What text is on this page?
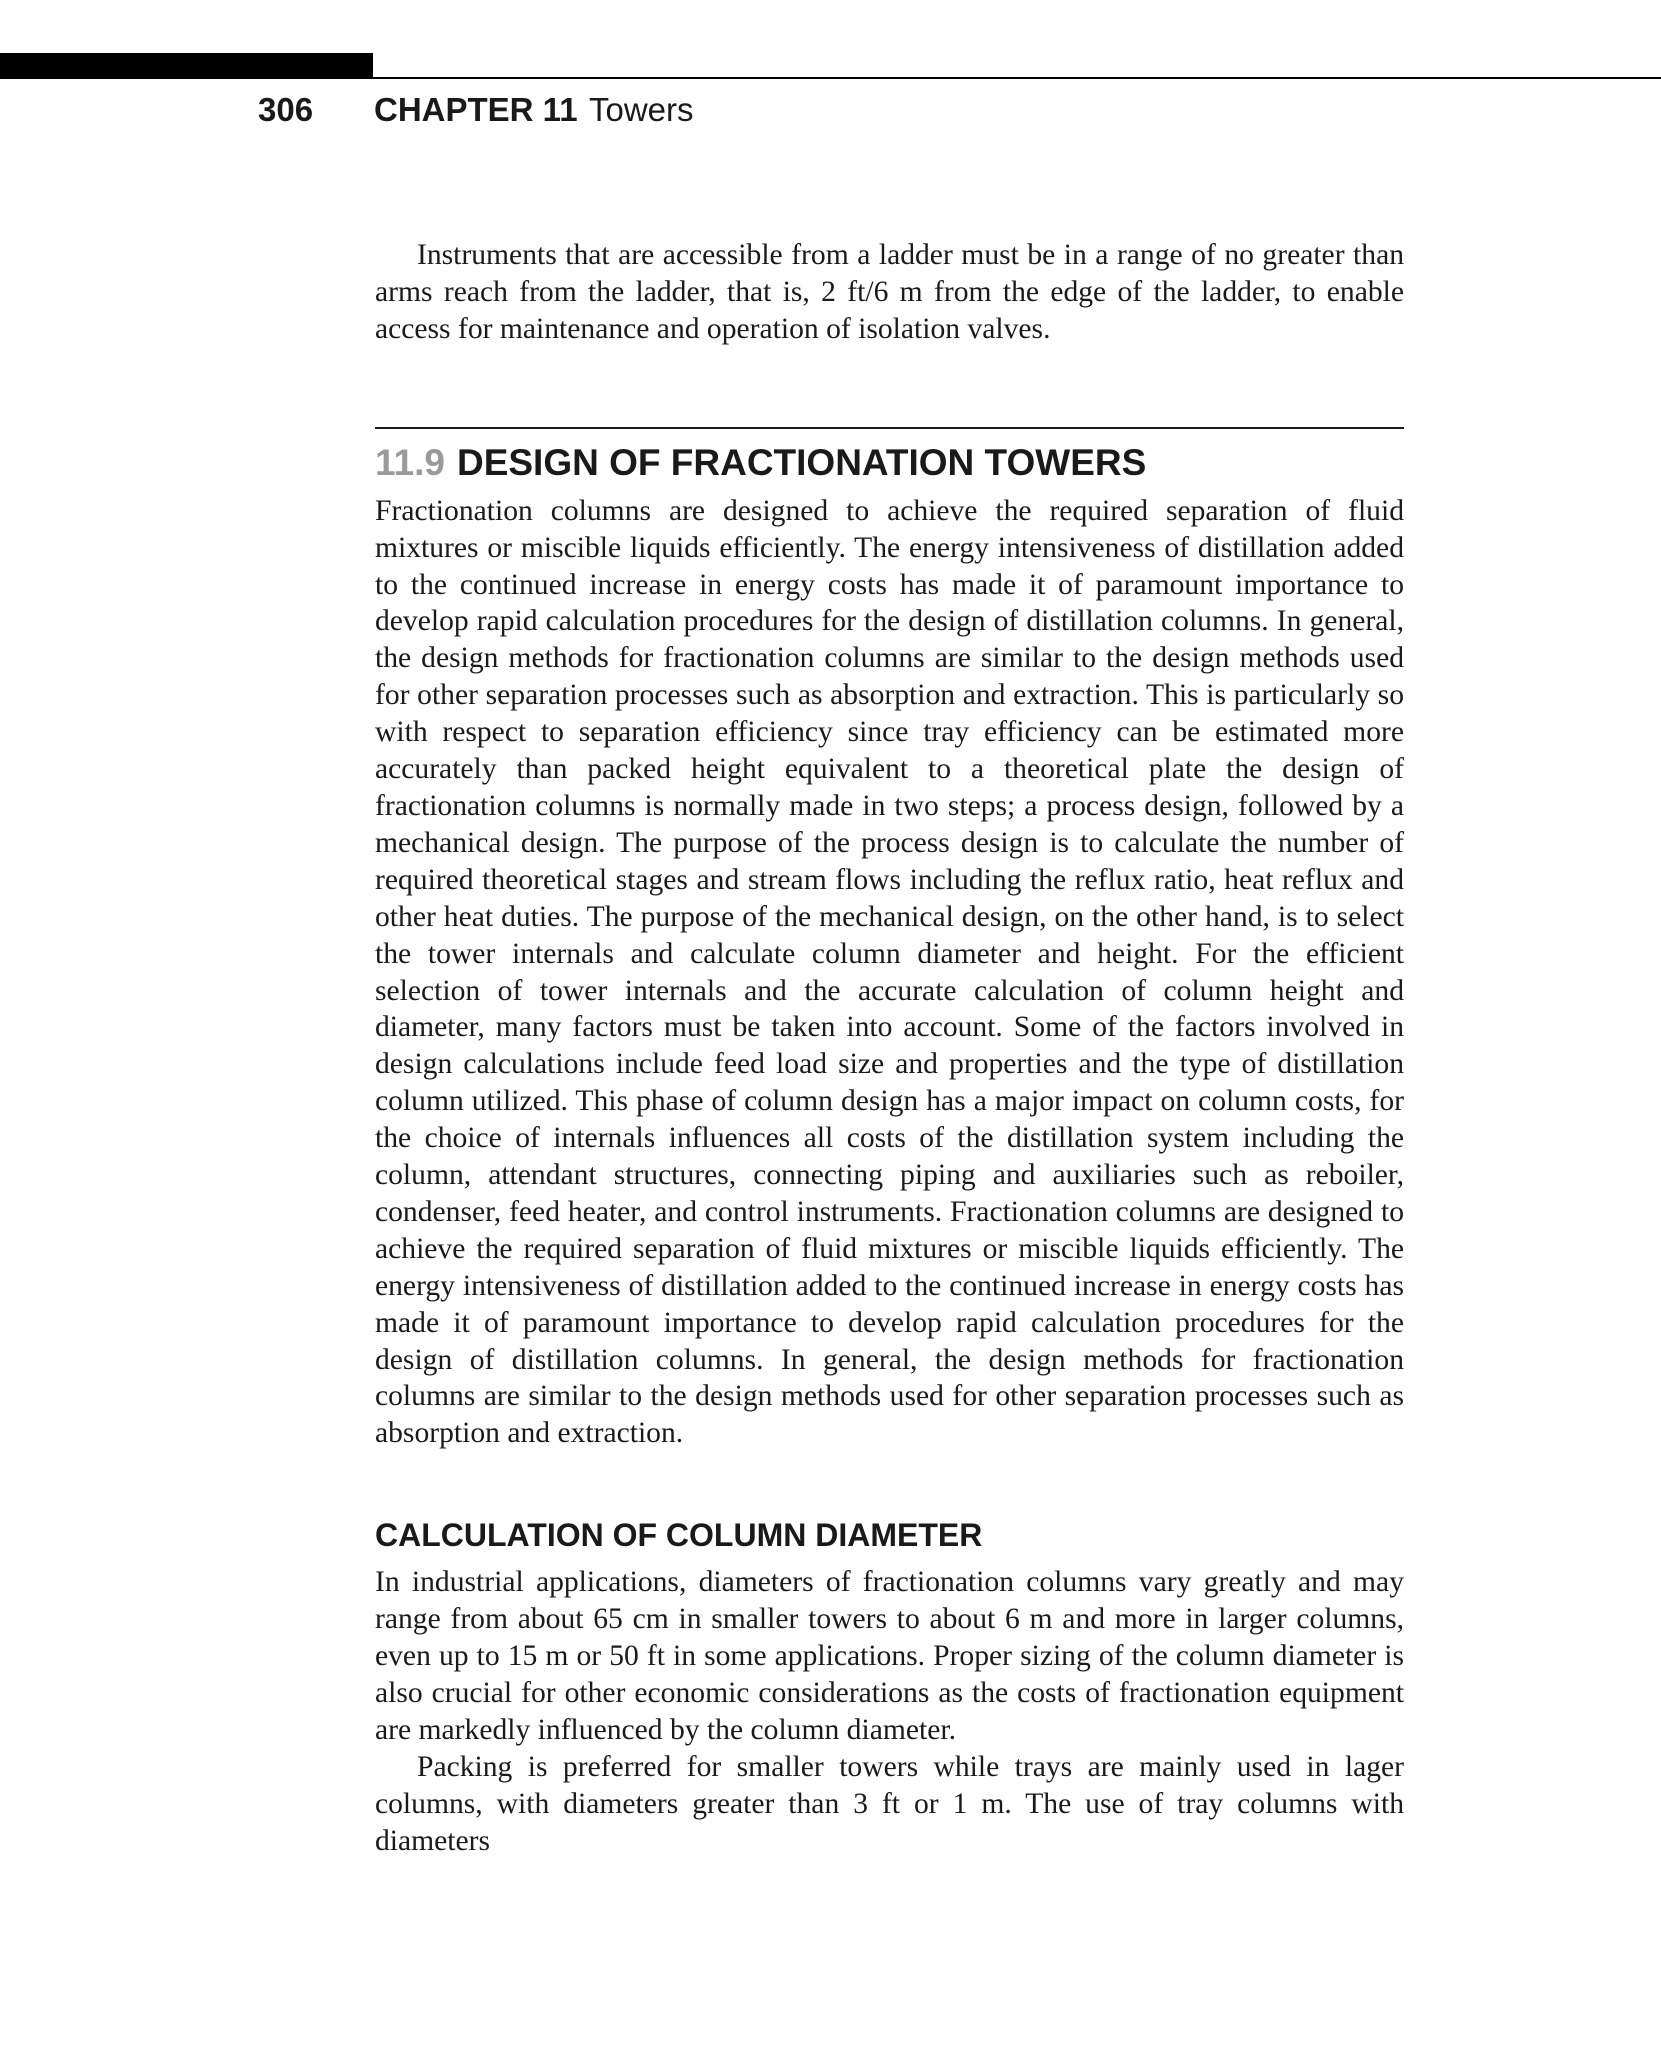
306 CHAPTER 11 Towers

Instruments that are accessible from a ladder must be in a range of no greater than arms reach from the ladder, that is, 2 ft/6 m from the edge of the ladder, to enable access for maintenance and operation of isolation valves.

11.9 DESIGN OF FRACTIONATION TOWERS

Fractionation columns are designed to achieve the required separation of fluid mixtures or miscible liquids efficiently. The energy intensiveness of distillation added to the continued increase in energy costs has made it of paramount importance to develop rapid calculation procedures for the design of distillation columns. In general, the design methods for fractionation columns are similar to the design methods used for other separation processes such as absorption and extraction. This is particularly so with respect to separation efficiency since tray efficiency can be estimated more accurately than packed height equivalent to a theoretical plate the design of fractionation columns is normally made in two steps; a process design, followed by a mechanical design. The purpose of the process design is to calculate the number of required theoretical stages and stream flows including the reflux ratio, heat reflux and other heat duties. The purpose of the mechanical design, on the other hand, is to select the tower internals and calculate column diameter and height. For the efficient selection of tower internals and the accurate calculation of column height and diameter, many factors must be taken into account. Some of the factors involved in design calculations include feed load size and properties and the type of distillation column utilized. This phase of column design has a major impact on column costs, for the choice of internals influences all costs of the distillation system including the column, attendant structures, connecting piping and auxiliaries such as reboiler, condenser, feed heater, and control instruments. Fractionation columns are designed to achieve the required separation of fluid mixtures or miscible liquids efficiently. The energy intensiveness of distillation added to the continued increase in energy costs has made it of paramount importance to develop rapid calculation procedures for the design of distillation columns. In general, the design methods for fractionation columns are similar to the design methods used for other separation processes such as absorption and extraction.

CALCULATION OF COLUMN DIAMETER

In industrial applications, diameters of fractionation columns vary greatly and may range from about 65 cm in smaller towers to about 6 m and more in larger columns, even up to 15 m or 50 ft in some applications. Proper sizing of the column diameter is also crucial for other economic considerations as the costs of fractionation equipment are markedly influenced by the column diameter.

Packing is preferred for smaller towers while trays are mainly used in lager columns, with diameters greater than 3 ft or 1 m. The use of tray columns with diameters
